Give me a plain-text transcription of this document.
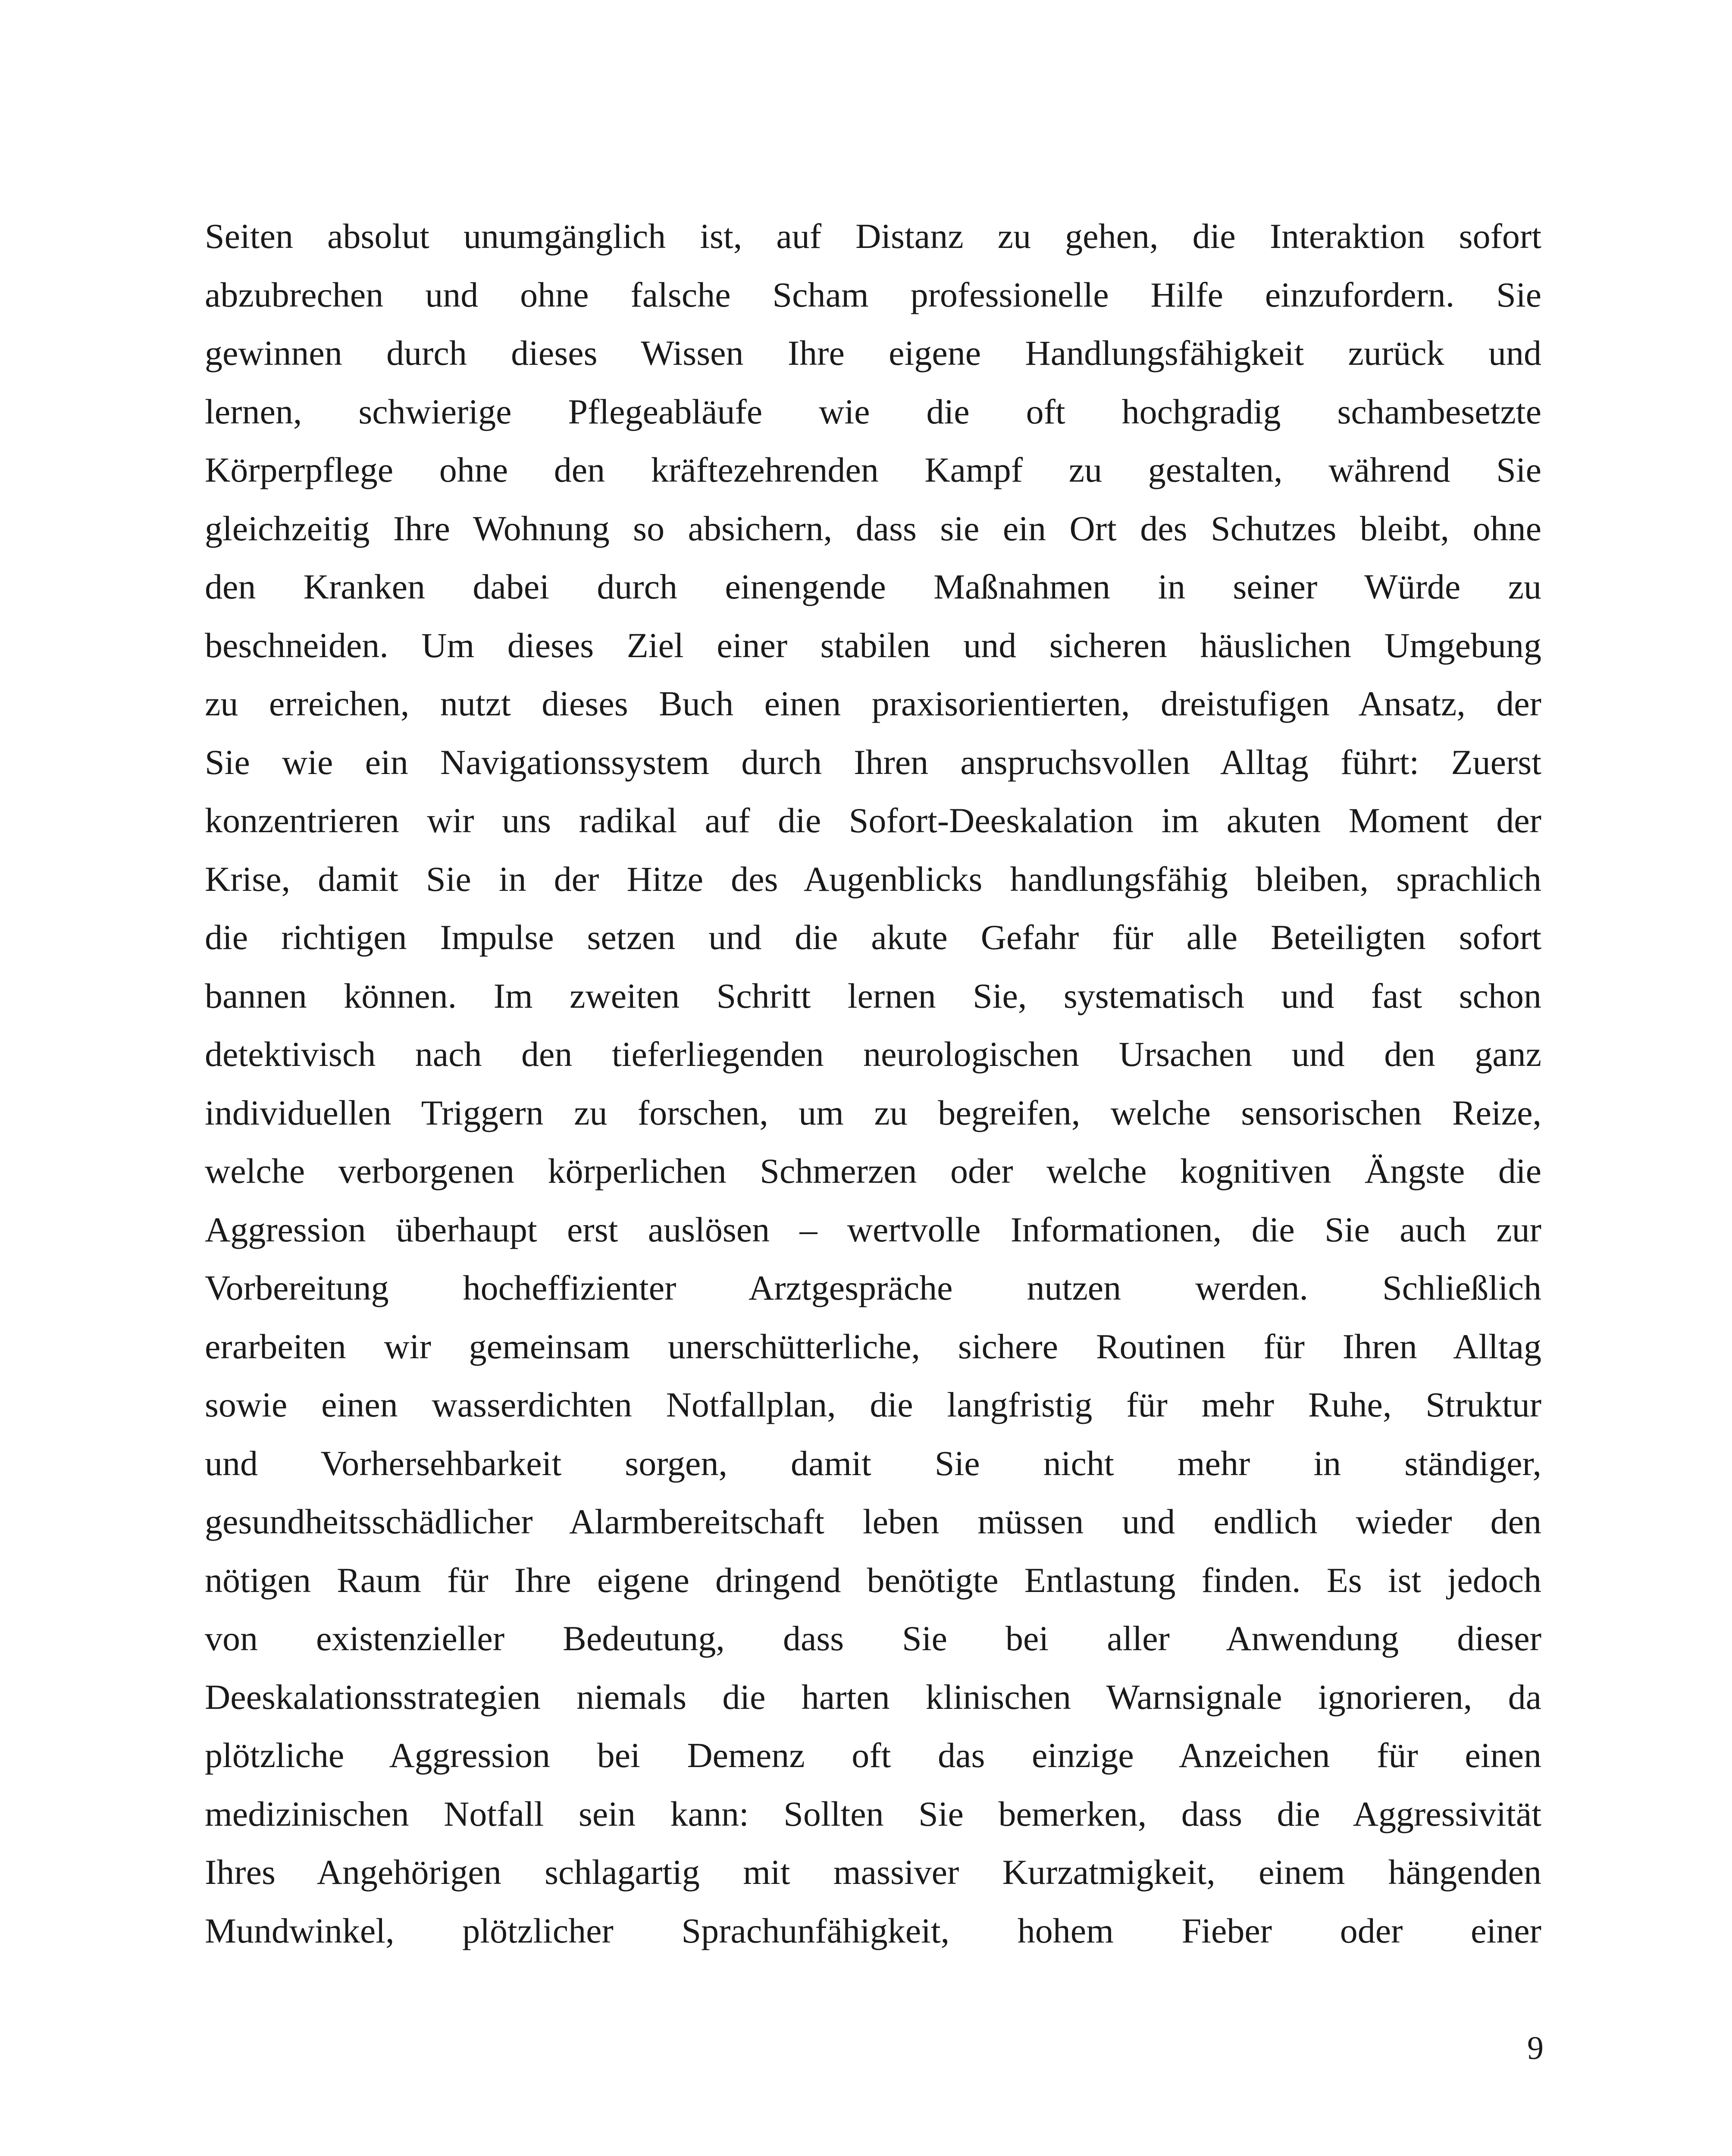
Seiten absolut unumgänglich ist, auf Distanz zu gehen, die Interaktion sofort
abzubrechen und ohne falsche Scham professionelle Hilfe einzufordern. Sie
gewinnen durch dieses Wissen Ihre eigene Handlungsfähigkeit zurück und
lernen, schwierige Pflegeabläufe wie die oft hochgradig schambesetzte
Körperpflege ohne den kräftezehrenden Kampf zu gestalten, während Sie
gleichzeitig Ihre Wohnung so absichern, dass sie ein Ort des Schutzes bleibt, ohne
den Kranken dabei durch einengende Maßnahmen in seiner Würde zu
beschneiden. Um dieses Ziel einer stabilen und sicheren häuslichen Umgebung
zu erreichen, nutzt dieses Buch einen praxisorientierten, dreistufigen Ansatz, der
Sie wie ein Navigationssystem durch Ihren anspruchsvollen Alltag führt: Zuerst
konzentrieren wir uns radikal auf die Sofort-Deeskalation im akuten Moment der
Krise, damit Sie in der Hitze des Augenblicks handlungsfähig bleiben, sprachlich
die richtigen Impulse setzen und die akute Gefahr für alle Beteiligten sofort
bannen können. Im zweiten Schritt lernen Sie, systematisch und fast schon
detektivisch nach den tieferliegenden neurologischen Ursachen und den ganz
individuellen Triggern zu forschen, um zu begreifen, welche sensorischen Reize,
welche verborgenen körperlichen Schmerzen oder welche kognitiven Ängste die
Aggression überhaupt erst auslösen – wertvolle Informationen, die Sie auch zur
Vorbereitung hocheffizienter Arztgespräche nutzen werden. Schließlich
erarbeiten wir gemeinsam unerschütterliche, sichere Routinen für Ihren Alltag
sowie einen wasserdichten Notfallplan, die langfristig für mehr Ruhe, Struktur
und Vorhersehbarkeit sorgen, damit Sie nicht mehr in ständiger,
gesundheitsschädlicher Alarmbereitschaft leben müssen und endlich wieder den
nötigen Raum für Ihre eigene dringend benötigte Entlastung finden. Es ist jedoch
von existenzieller Bedeutung, dass Sie bei aller Anwendung dieser
Deeskalationsstrategien niemals die harten klinischen Warnsignale ignorieren, da
plötzliche Aggression bei Demenz oft das einzige Anzeichen für einen
medizinischen Notfall sein kann: Sollten Sie bemerken, dass die Aggressivität
Ihres Angehörigen schlagartig mit massiver Kurzatmigkeit, einem hängenden
Mundwinkel, plötzlicher Sprachunfähigkeit, hohem Fieber oder einer
9
